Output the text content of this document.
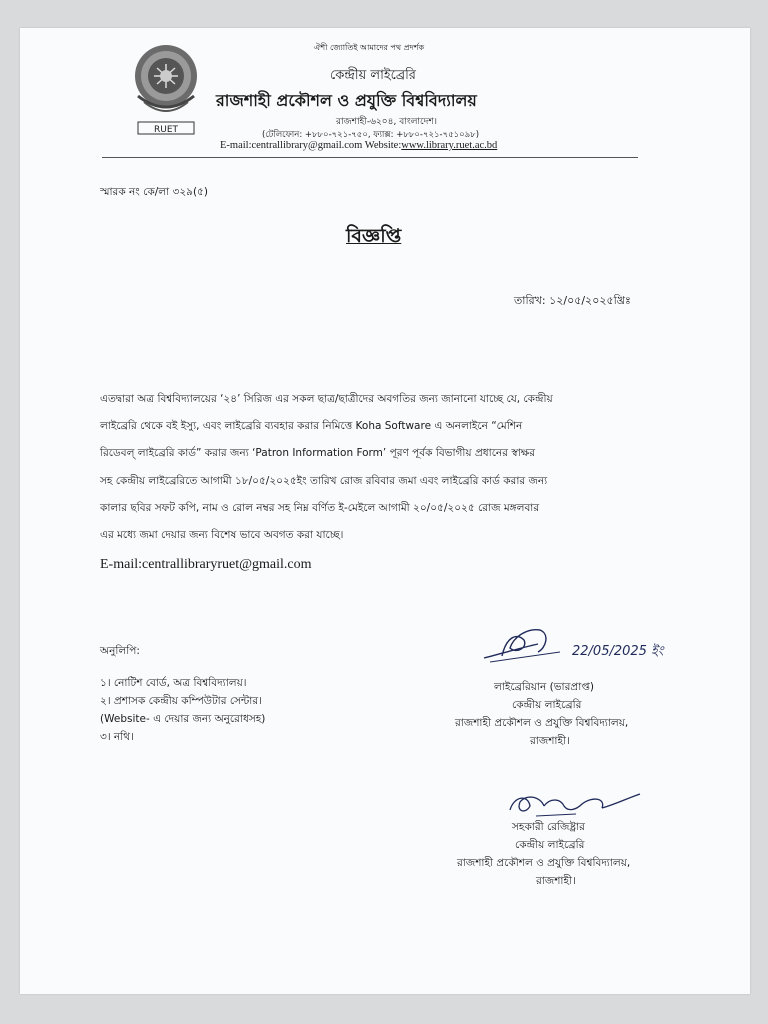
ঐশী জ্যোতিই আমাদের পথ প্রদর্শক
RUET
কেন্দ্রীয় লাইব্রেরি
রাজশাহী প্রকৌশল ও প্রযুক্তি বিশ্ববিদ্যালয়
রাজশাহী-৬২০৪, বাংলাদেশ।
(টেলিফোন: +৮৮০-৭২১-৭৫০, ফ্যাক্স: +৮৮০-৭২১-৭৫১০৯৮)
E-mail:centrallibrary@gmail.com Website:www.library.ruet.ac.bd
স্মারক নং কে/লা ৩২৯(৫)
বিজ্ঞপ্তি
তারিখ: ১২/০৫/২০২৫খ্রিঃ
এতদ্বারা অত্র বিশ্ববিদ্যালয়ের ‘২৪’ সিরিজ এর সকল ছাত্র/ছাত্রীদের অবগতির জন্য জানানো যাচ্ছে যে, কেন্দ্রীয়
লাইব্রেরি থেকে বই ইস্যু, এবং লাইব্রেরি ব্যবহার করার নিমিত্তে Koha Software এ অনলাইনে “মেশিন
রিডেবল্ লাইব্রেরি কার্ড” করার জন্য ‘Patron Information Form’ পূরণ পূর্বক বিভাগীয় প্রধানের স্বাক্ষর
সহ কেন্দ্রীয় লাইব্রেরিতে আগামী ১৮/০৫/২০২৫ইং তারিখ রোজ রবিবার জমা এবং লাইব্রেরি কার্ড করার জন্য
কালার ছবির সফট কপি, নাম ও রোল নম্বর সহ নিম্ন বর্ণিত ই-মেইলে আগামী ২০/০৫/২০২৫ রোজ মঙ্গলবার
এর মধ্যে জমা দেয়ার জন্য বিশেষ ভাবে অবগত করা যাচ্ছে।
E-mail:centrallibraryruet@gmail.com
অনুলিপি:
১। নোটিশ বোর্ড, অত্র বিশ্ববিদ্যালয়।
২। প্রশাসক কেন্দ্রীয় কম্পিউটার সেন্টার।
(Website- এ দেয়ার জন্য অনুরোধসহ)
৩। নথি।
22/05/2025 ইং
লাইব্রেরিয়ান (ভারপ্রাপ্ত)
কেন্দ্রীয় লাইব্রেরি
রাজশাহী প্রকৌশল ও প্রযুক্তি বিশ্ববিদ্যালয়,
রাজশাহী।
সহকারী রেজিষ্ট্রার
কেন্দ্রীয় লাইব্রেরি
রাজশাহী প্রকৌশল ও প্রযুক্তি বিশ্ববিদ্যালয়,
রাজশাহী।
